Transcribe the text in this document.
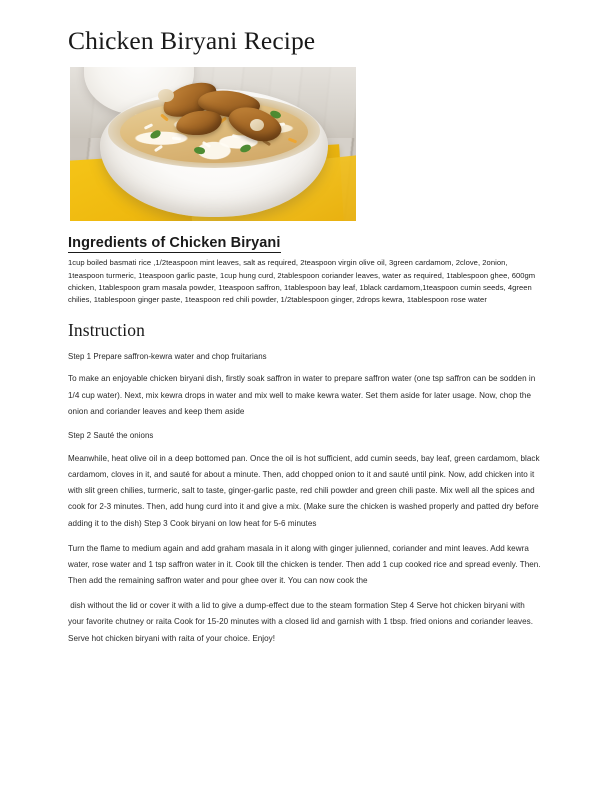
Chicken Biryani Recipe
Ingredients of Chicken Biryani

1cup boiled basmati rice ,1/2teaspoon mint leaves, salt as required, 2teaspoon virgin olive oil, 3green cardamom, 2clove, 2onion, 1teaspoon turmeric, 1teaspoon garlic paste, 1cup hung curd, 2tablespoon coriander leaves, water as required, 1tablespoon ghee, 600gm chicken, 1tablespoon gram masala powder, 1teaspoon saffron, 1tablespoon bay leaf, 1black cardamom,1teaspoon cumin seeds, 4green chilies, 1tablespoon ginger paste, 1teaspoon red chili powder, 1/2tablespoon ginger, 2drops kewra, 1tablespoon rose water

Instruction

Step 1 Prepare saffron-kewra water and chop fruitarians

To make an enjoyable chicken biryani dish, firstly soak saffron in water to prepare saffron water (one tsp saffron can be sodden in 1/4 cup water). Next, mix kewra drops in water and mix well to make kewra water. Set them aside for later usage. Now, chop the onion and coriander leaves and keep them aside

Step 2 Sauté the onions

Meanwhile, heat olive oil in a deep bottomed pan. Once the oil is hot sufficient, add cumin seeds, bay leaf, green cardamom, black cardamom, cloves in it, and sauté for about a minute. Then, add chopped onion to it and sauté until pink. Now, add chicken into it with slit green chilies, turmeric, salt to taste, ginger-garlic paste, red chili powder and green chili paste. Mix well all the spices and cook for 2-3 minutes. Then, add hung curd into it and give a mix. (Make sure the chicken is washed properly and patted dry before adding it to the dish) Step 3 Cook biryani on low heat for 5-6 minutes

Turn the flame to medium again and add graham masala in it along with ginger julienned, coriander and mint leaves. Add kewra water, rose water and 1 tsp saffron water in it. Cook till the chicken is tender. Then add 1 cup cooked rice and spread evenly. Then. Then add the remaining saffron water and pour ghee over it. You can now cook the

dish without the lid or cover it with a lid to give a dump-effect due to the steam formation Step 4 Serve hot chicken biryani with your favorite chutney or raita Cook for 15-20 minutes with a closed lid and garnish with 1 tbsp. fried onions and coriander leaves. Serve hot chicken biryani with raita of your choice. Enjoy!
